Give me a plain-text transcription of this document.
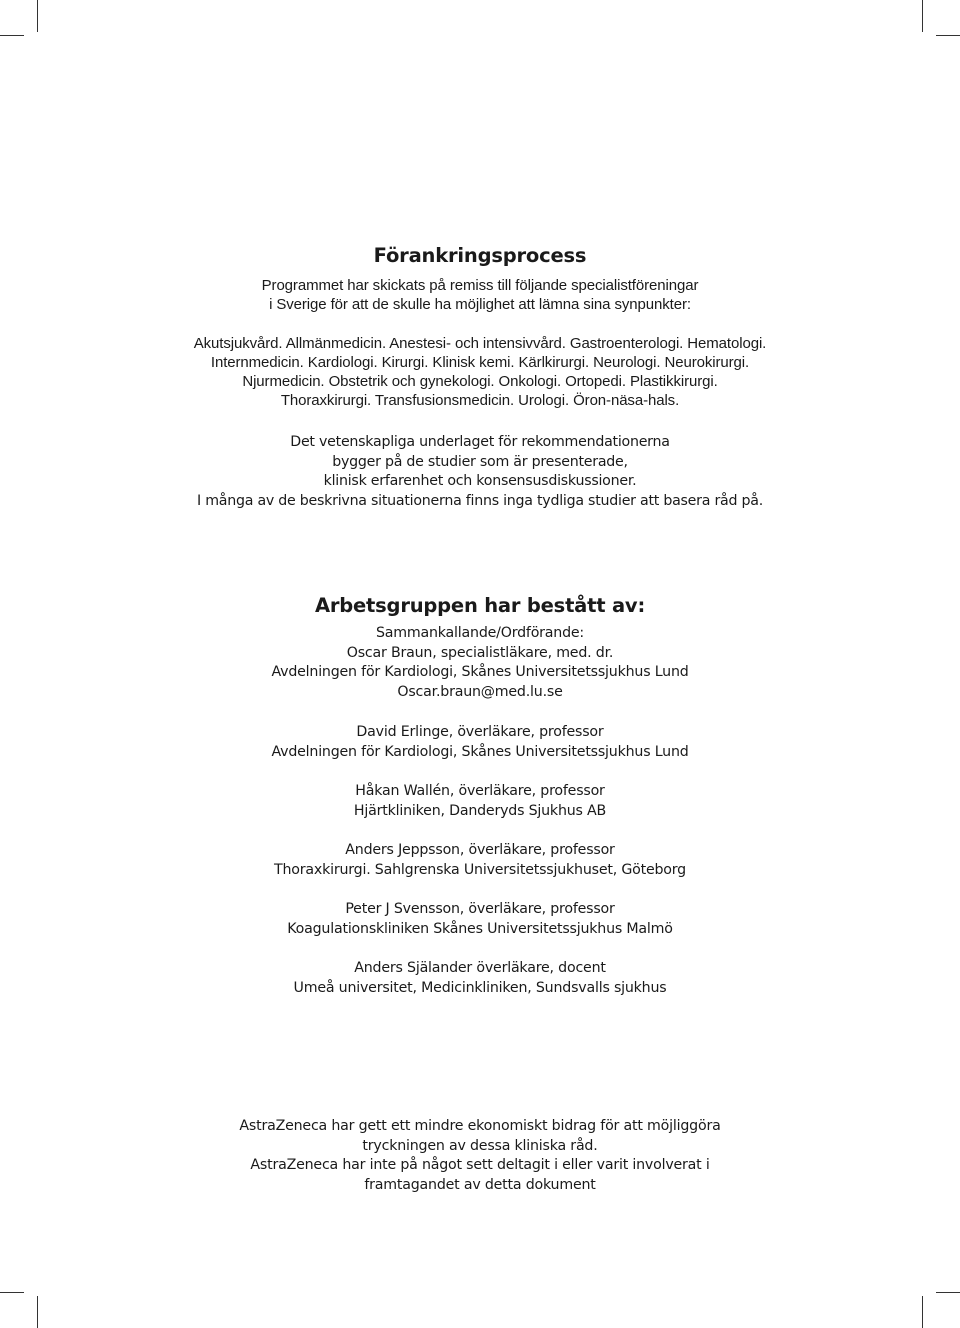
Förankringsprocess
Programmet har skickats på remiss till följande specialistföreningar
i Sverige för att de skulle ha möjlighet att lämna sina synpunkter:
Akutsjukvård. Allmänmedicin. Anestesi- och intensivvård. Gastroenterologi. Hematologi.
Internmedicin. Kardiologi. Kirurgi. Klinisk kemi. Kärlkirurgi. Neurologi. Neurokirurgi.
Njurmedicin. Obstetrik och gynekologi. Onkologi. Ortopedi. Plastikkirurgi.
Thoraxkirurgi. Transfusionsmedicin. Urologi. Öron-näsa-hals.
Det vetenskapliga underlaget för rekommendationerna
bygger på de studier som är presenterade,
klinisk erfarenhet och konsensusdiskussioner.
I många av de beskrivna situationerna finns inga tydliga studier att basera råd på.
Arbetsgruppen har bestått av:
Sammankallande/Ordförande:
Oscar Braun, specialistläkare, med. dr.
Avdelningen för Kardiologi, Skånes Universitetssjukhus Lund
Oscar.braun@med.lu.se
David Erlinge, överläkare, professor
Avdelningen för Kardiologi, Skånes Universitetssjukhus Lund
Håkan Wallén, överläkare, professor
Hjärtkliniken, Danderyds Sjukhus AB
Anders Jeppsson, överläkare, professor
Thoraxkirurgi. Sahlgrenska Universitetssjukhuset, Göteborg
Peter J Svensson, överläkare, professor
Koagulationskliniken Skånes Universitetssjukhus Malmö
Anders Själander överläkare, docent
Umeå universitet, Medicinkliniken, Sundsvalls sjukhus
AstraZeneca har gett ett mindre ekonomiskt bidrag för att möjliggöra
tryckningen av dessa kliniska råd.
AstraZeneca har inte på något sett deltagit i eller varit involverat i
framtagandet av detta dokument
